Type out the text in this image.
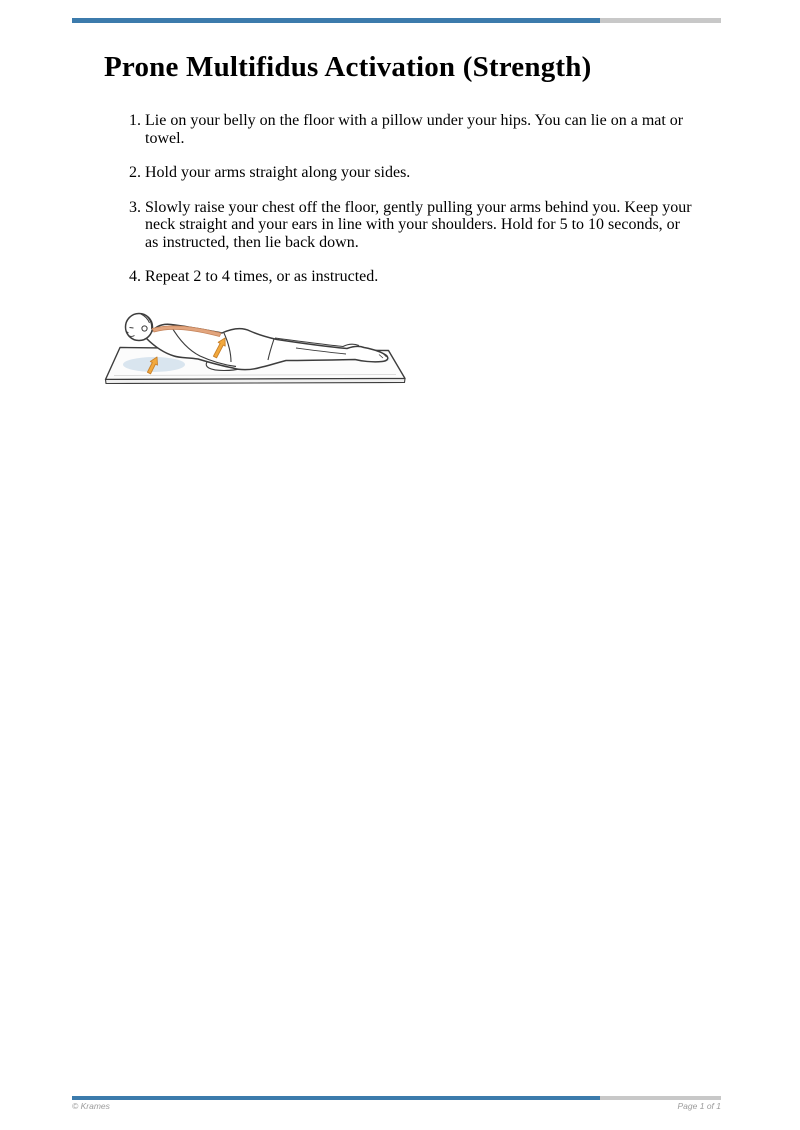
Prone Multifidus Activation (Strength)
1. Lie on your belly on the floor with a pillow under your hips. You can lie on a mat or towel.
2. Hold your arms straight along your sides.
3. Slowly raise your chest off the floor, gently pulling your arms behind you. Keep your neck straight and your ears in line with your shoulders. Hold for 5 to 10 seconds, or as instructed, then lie back down.
4. Repeat 2 to 4 times, or as instructed.
© Krames	Page 1 of 1
